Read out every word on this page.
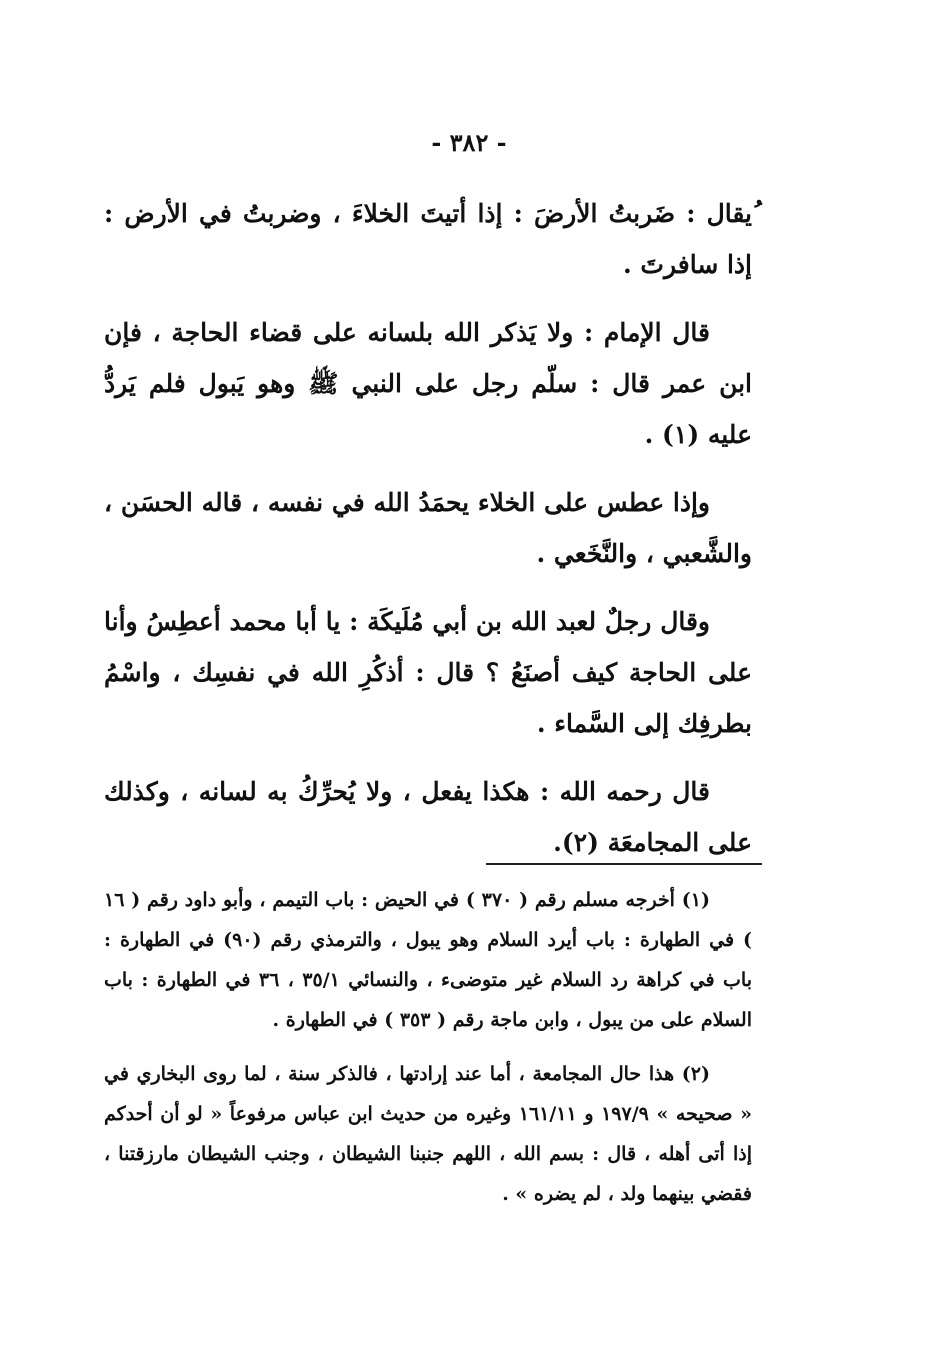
- ٣٨٢ -

ُيقال : ضَربتُ الأرضَ : إذا أتيتَ الخلاءَ ، وضربتُ في الأرض : إذا سافرتَ .

قال الإمام : ولا يَذكر الله بلسانه على قضاء الحاجة ، فإن ابن عمر قال : سلّم رجل على النبي ﷺ وهو يَبول فلم يَردُّ عليه (١) .

وإذا عطس على الخلاء يحمَدُ الله في نفسه ، قاله الحسَن ، والشَّعبي ، والنَّخَعي .

وقال رجلٌ لعبد الله بن أبي مُلَيكَة : يا أبا محمد أعطِسُ وأنا على الحاجة كيف أصنَعُ ؟ قال : أذكُرِ الله في نفسِك ، واسْمُ بطرفِك إلى السَّماء .

قال رحمه الله : هكذا يفعل ، ولا يُحرِّكُ به لسانه ، وكذلك على المجامعَة (٢).

(١) أخرجه مسلم رقم ( ٣٧٠ ) في الحيض : باب التيمم ، وأبو داود رقم ( ١٦ ) في الطهارة : باب أيرد السلام وهو يبول ، والترمذي رقم (٩٠) في الطهارة : باب في كراهة رد السلام غير متوضىء ، والنسائي ٣٥/١ ، ٣٦ في الطهارة : باب السلام على من يبول ، وابن ماجة رقم ( ٣٥٣ ) في الطهارة .

(٢) هذا حال المجامعة ، أما عند إرادتها ، فالذكر سنة ، لما روى البخاري في « صحيحه » ١٩٧/٩ و ١٦١/١١ وغيره من حديث ابن عباس مرفوعاً « لو أن أحدكم إذا أتى أهله ، قال : بسم الله ، اللهم جنبنا الشيطان ، وجنب الشيطان مارزقتنا ، فقضي بينهما ولد ، لم يضره » .
